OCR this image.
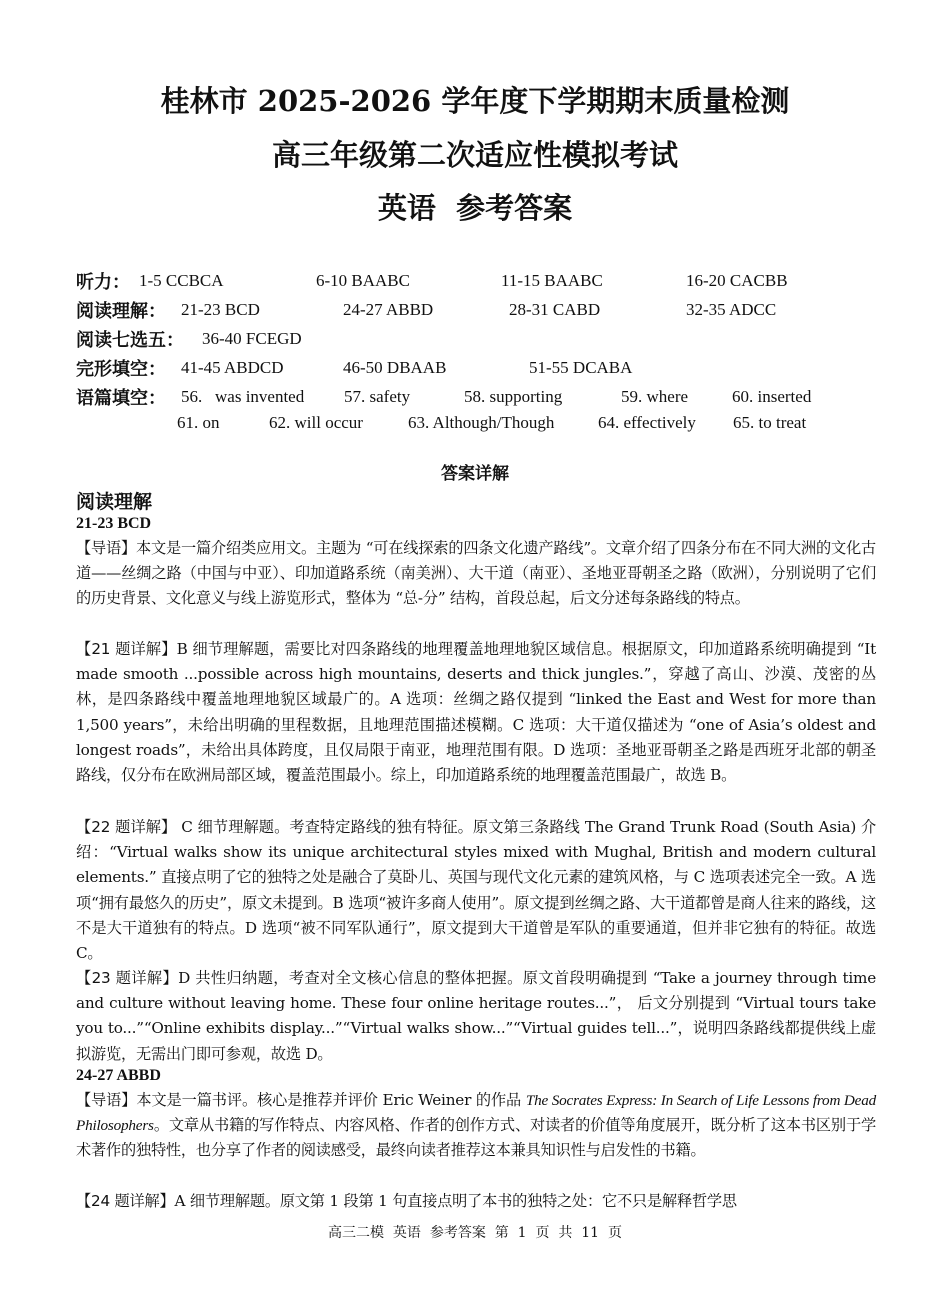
桂林市 2025-2026 学年度下学期期末质量检测

高三年级第二次适应性模拟考试

英语  参考答案

听力： 1-5 CCBCA	6-10 BAABC	11-15 BAABC	16-20 CACBB
阅读理解： 21-23 BCD	24-27 ABBD	28-31 CABD	32-35 ADCC
阅读七选五： 36-40 FCEGD
完形填空： 41-45 ABDCD	46-50 DBAAB	51-55 DCABA
语篇填空： 56.   was invented 57. safety	58. supporting	59. where	60. inserted
61. on	62. will occur	63. Although/Though	64. effectively 65. to treat
答案详解
阅读理解
21-23 BCD
【导语】本文是一篇介绍类应用文。主题为 “可在线探索的四条文化遗产路线”。文章介绍了四条分布在不同大洲的文化古道——丝绸之路（中国与中亚）、印加道路系统（南美洲）、大干道（南亚）、圣地亚哥朝圣之路（欧洲），分别说明了它们的历史背景、文化意义与线上游览形式，整体为 “总-分” 结构，首段总起，后文分述每条路线的特点。
【21 题详解】B 细节理解题，需要比对四条路线的地理覆盖地理地貌区域信息。根据原文，印加道路系统明确提到 “It made smooth ...possible across high mountains, deserts and thick jungles.”，穿越了高山、沙漠、茂密的丛林，是四条路线中覆盖地理地貌区域最广的。A 选项：丝绸之路仅提到 “linked the East and West for more than 1,500 years”，未给出明确的里程数据，且地理范围描述模糊。C 选项：大干道仅描述为 “one of Asia’s oldest and longest roads”，未给出具体跨度，且仅局限于南亚，地理范围有限。D 选项：圣地亚哥朝圣之路是西班牙北部的朝圣路线，仅分布在欧洲局部区域，覆盖范围最小。综上，印加道路系统的地理覆盖范围最广，故选 B。
【22 题详解】 C 细节理解题。考查特定路线的独有特征。原文第三条路线 The Grand Trunk Road (South Asia) 介绍：“Virtual walks show its unique architectural styles mixed with Mughal, British and modern cultural elements.” 直接点明了它的独特之处是融合了莫卧儿、英国与现代文化元素的建筑风格，与 C 选项表述完全一致。A 选项“拥有最悠久的历史”，原文未提到。B 选项“被许多商人使用”。原文提到丝绸之路、大干道都曾是商人往来的路线，这不是大干道独有的特点。D 选项“被不同军队通行”，原文提到大干道曾是军队的重要通道，但并非它独有的特征。故选 C。
【23 题详解】D 共性归纳题，考查对全文核心信息的整体把握。原文首段明确提到 “Take a journey through time and culture without leaving home. These four online heritage routes...”， 后文分别提到 “Virtual tours take you to...”“Online exhibits display...”“Virtual walks show...”“Virtual guides tell...”，说明四条路线都提供线上虚拟游览，无需出门即可参观，故选 D。
24-27 ABBD
【导语】本文是一篇书评。核心是推荐并评价 Eric Weiner 的作品 The Socrates Express: In Search of Life Lessons from Dead Philosophers。文章从书籍的写作特点、内容风格、作者的创作方式、对读者的价值等角度展开，既分析了这本书区别于学术著作的独特性，也分享了作者的阅读感受，最终向读者推荐这本兼具知识性与启发性的书籍。
【24 题详解】A 细节理解题。原文第 1 段第 1 句直接点明了本书的独特之处：它不只是解释哲学思
高三二模  英语  参考答案  第  1  页  共  11  页
